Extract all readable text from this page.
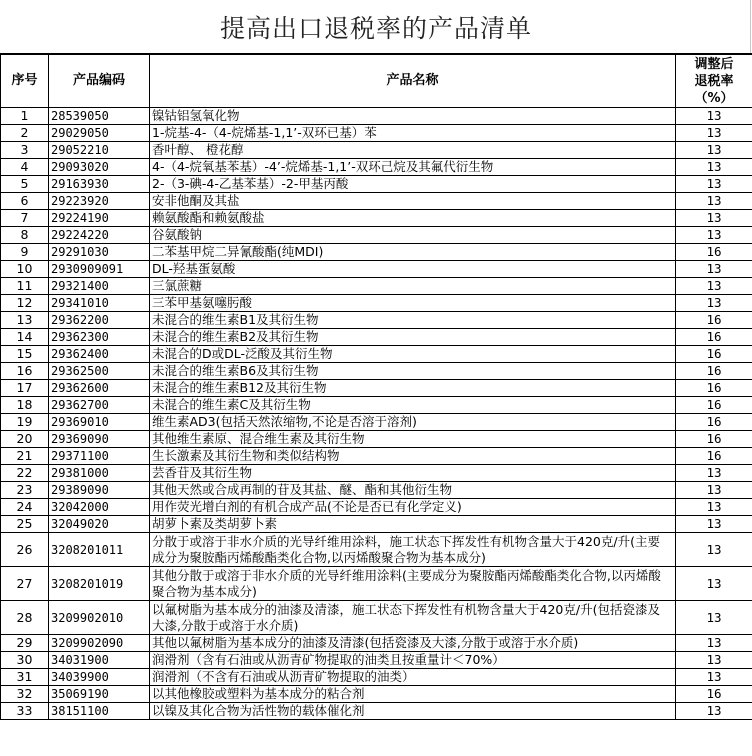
提高出口退税率的产品清单
序号	产品编码	产品名称	调整后
退税率
（%）

1	28539050	镍钴铝氢氧化物	13
2	29029050	1-烷基-4-（4-烷烯基-1,1’-双环已基）苯	13
3	29052210	香叶醇、 橙花醇	13
4	29093020	4-（4-烷氧基苯基）-4’-烷烯基-1,1’-双环己烷及其氟代衍生物	13
5	29163930	2-（3-碘-4-乙基苯基）-2-甲基丙酸	13
6	29223920	安非他酮及其盐	13
7	29224190	赖氨酸酯和赖氨酸盐	13
8	29224220	谷氨酸钠	13
9	29291030	二苯基甲烷二异氰酸酯(纯MDI)	16
10	2930909091	DL-羟基蛋氨酸	13
11	29321400	三氯蔗糖	13
12	29341010	三苯甲基氨噻肟酸	13
13	29362200	未混合的维生素B1及其衍生物	16
14	29362300	未混合的维生素B2及其衍生物	16
15	29362400	未混合的D或DL-泛酸及其衍生物	16
16	29362500	未混合的维生素B6及其衍生物	16
17	29362600	未混合的维生素B12及其衍生物	16
18	29362700	未混合的维生素C及其衍生物	16
19	29369010	维生素AD3(包括天然浓缩物,不论是否溶于溶剂)	16
20	29369090	其他维生素原、混合维生素及其衍生物	16
21	29371100	生长激素及其衍生物和类似结构物	16
22	29381000	芸香苷及其衍生物	13
23	29389090	其他天然或合成再制的苷及其盐、醚、酯和其他衍生物	13
24	32042000	用作荧光增白剂的有机合成产品(不论是否已有化学定义)	13
25	32049020	胡萝卜素及类胡萝卜素	13
26	3208201011	分散于或溶于非水介质的光导纤维用涂料，施工状态下挥发性有机物含量大于420克/升(主要成分为聚胺酯丙烯酸酯类化合物,以丙烯酸聚合物为基本成分)	13
27	3208201019	其他分散于或溶于非水介质的光导纤维用涂料(主要成分为聚胺酯丙烯酸酯类化合物,以丙烯酸聚合物为基本成分)	13
28	3209902010	以氟树脂为基本成分的油漆及清漆，施工状态下挥发性有机物含量大于420克/升(包括瓷漆及大漆,分散于或溶于水介质)	13
29	3209902090	其他以氟树脂为基本成分的油漆及清漆(包括瓷漆及大漆,分散于或溶于水介质)	13
30	34031900	润滑剂（含有石油或从沥青矿物提取的油类且按重量计＜70%）	13
31	34039900	润滑剂（不含有石油或从沥青矿物提取的油类）	13
32	35069190	以其他橡胶或塑料为基本成分的粘合剂	16
33	38151100	以镍及其化合物为活性物的载体催化剂	13
